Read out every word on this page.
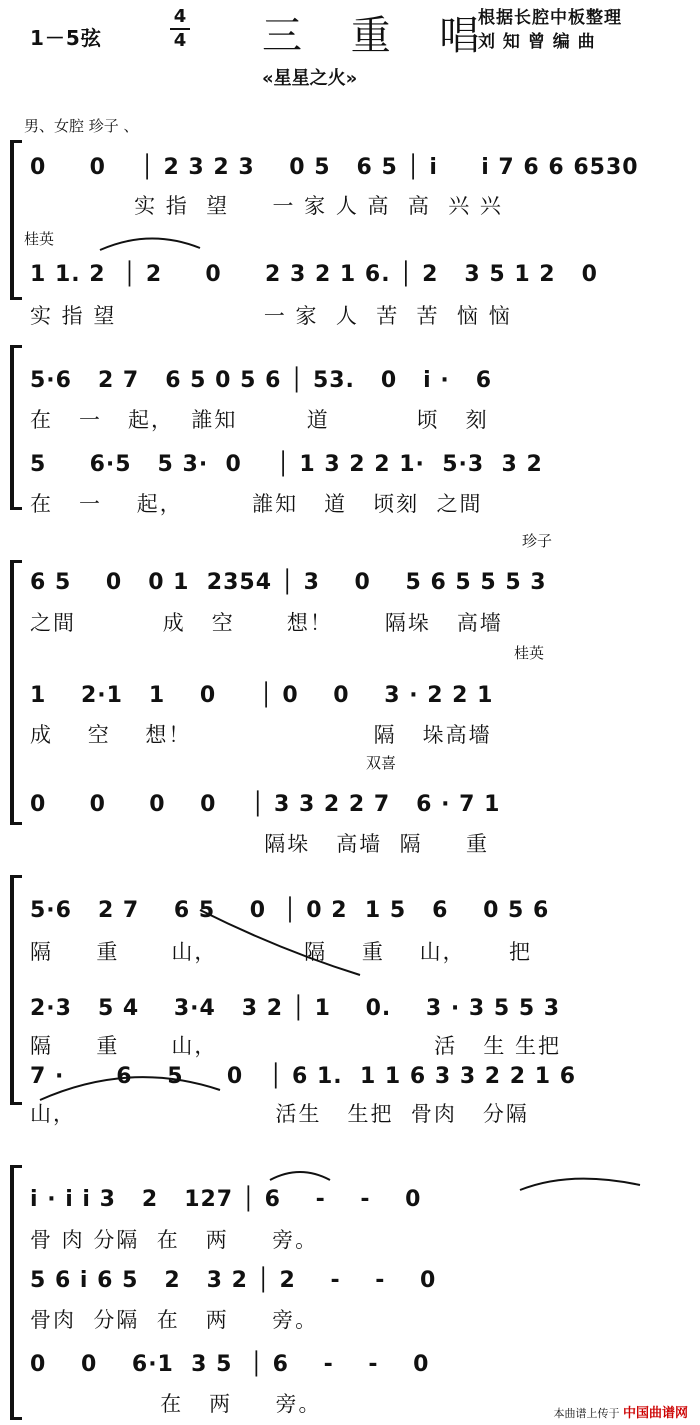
1－5弦
4
4 三 重 唱
根据长腔中板整理
刘 知 曾 编 曲
«星星之火»
男、女腔 珍子 、
0     0    │ 2 3 2 3    0 5   6 5 │ i     i 7 6 6 6530
实 指  望     一 家 人 高  高  兴 兴
桂英
1 1. 2  │ 2     0     2 3 2 1 6. │ 2   3 5 1 2   0
实 指 望                 一 家  人  苦  苦  恼 恼
5·6   2 7   6 5 0 5 6 │ 53.   0   i ·   6
在   一   起，  誰知        道          顷   刻
5     6·5   5 3·  0    │ 1 3 2 2 1·  5·3  3 2
在   一    起，        誰知   道   顷刻  之間
珍子
6 5    0   0 1  2354 │ 3    0    5 6 5 5 5 3
之間          成   空      想！      隔垛   高墻
桂英
1    2·1   1    0     │ 0    0    3 · 2 2 1
成    空    想！                     隔   垛高墻
双喜
0     0     0    0    │ 3 3 2 2 7   6 · 7 1
隔垛   高墙  隔     重
5·6   2 7    6 5    0  │ 0 2  1 5   6    0 5 6
隔     重      山，          隔    重    山，     把
2·3   5 4    3·4   3 2 │ 1    0.    3 · 3 5 5 3
隔     重      山，                         活   生 生把
7 ·      6    5     0   │ 6 1.  1 1 6 3 3 2 2 1 6
山，                       活生   生把  骨肉   分隔
i · i i 3   2   127 │ 6    -    -    0
骨 肉 分隔  在   两     旁。
5 6 i 6 5   2   3 2 │ 2    -    -    0
骨肉  分隔  在   两     旁。
0    0    6·1  3 5  │ 6    -    -    0
在   两     旁。	本曲谱上传于 中国曲谱网
